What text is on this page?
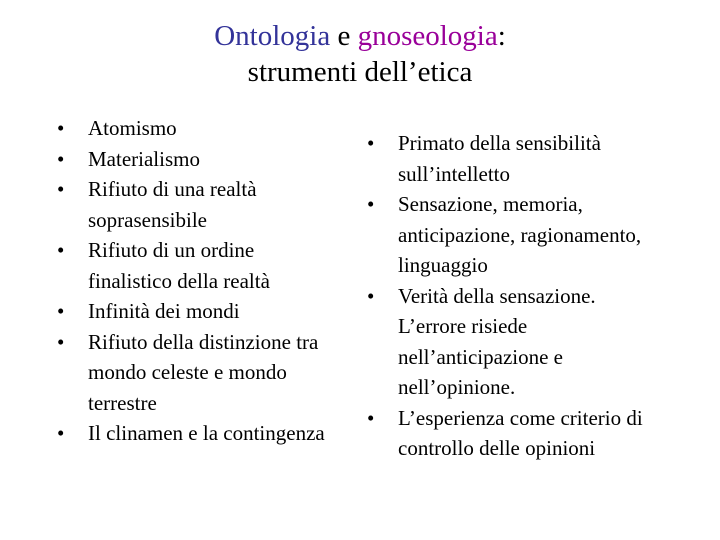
Ontologia e gnoseologia:
strumenti dell’etica
• Atomismo
• Materialismo
• Rifiuto di una realtà soprasensibile
• Rifiuto di un ordine finalistico della realtà
• Infinità dei mondi
• Rifiuto della distinzione tra mondo celeste e mondo terrestre
• Il clinamen e la contingenza
• Primato della sensibilità sull’intelletto
• Sensazione, memoria, anticipazione, ragionamento, linguaggio
• Verità della sensazione. L’errore risiede nell’anticipazione e nell’opinione.
• L’esperienza come criterio di controllo delle opinioni
